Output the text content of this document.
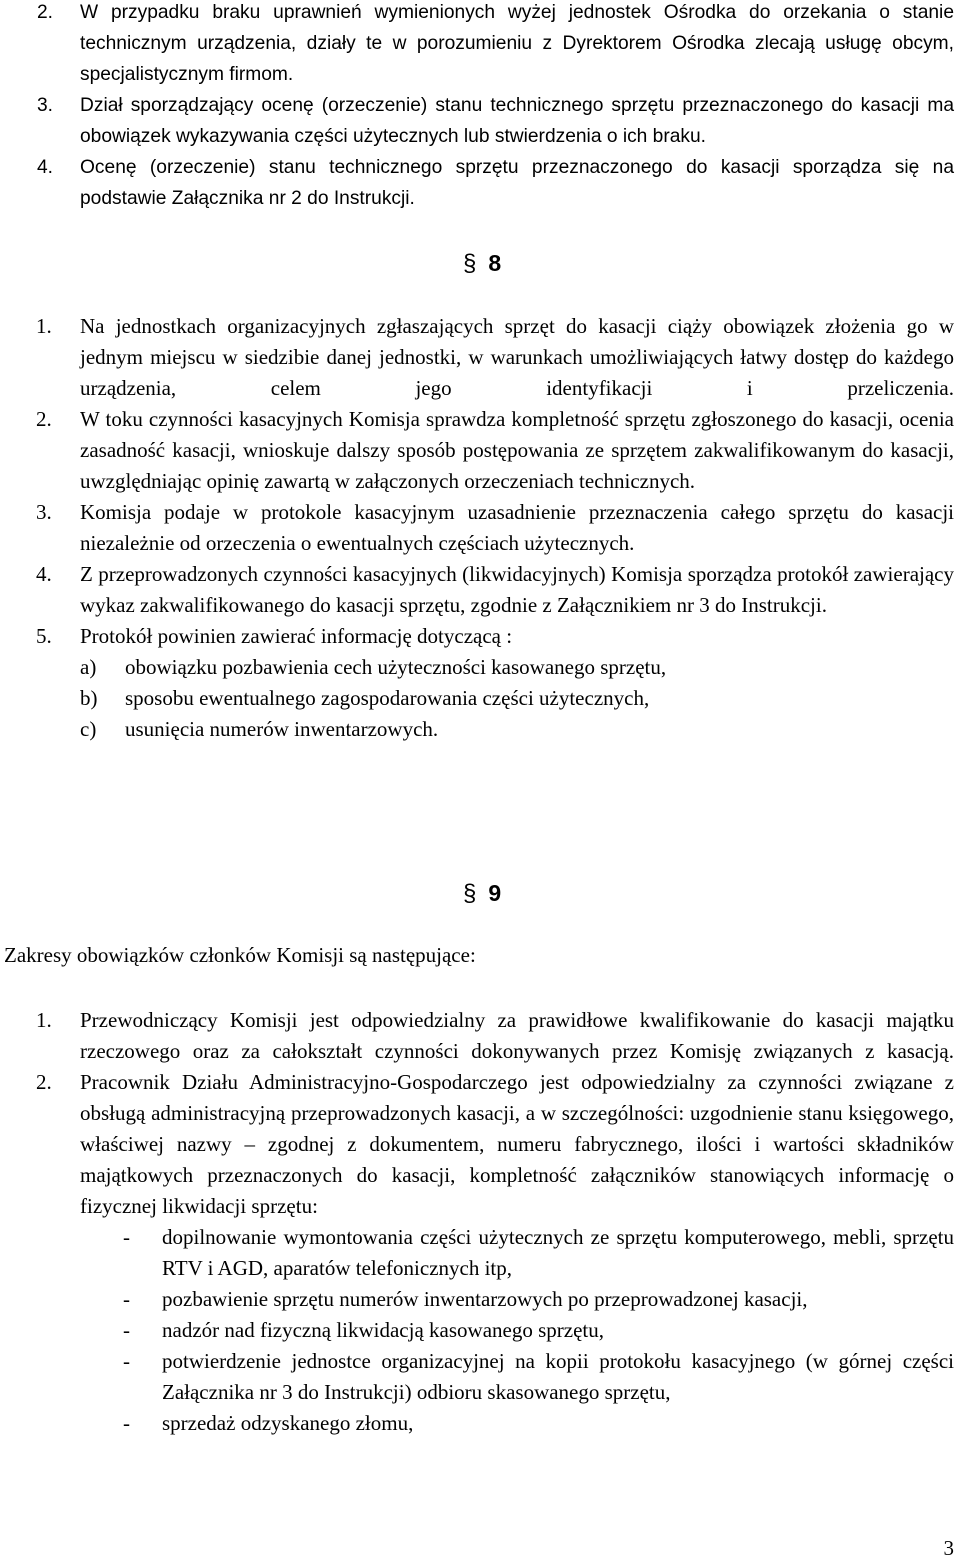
2. W przypadku braku uprawnień wymienionych wyżej jednostek Ośrodka do orzekania o stanie technicznym urządzenia, działy te w porozumieniu z Dyrektorem Ośrodka zlecają usługę obcym, specjalistycznym firmom.
3. Dział sporządzający ocenę (orzeczenie) stanu technicznego sprzętu przeznaczonego do kasacji ma obowiązek wykazywania części użytecznych lub stwierdzenia o ich braku.
4. Ocenę (orzeczenie) stanu technicznego sprzętu przeznaczonego do kasacji sporządza się na podstawie Załącznika nr 2 do Instrukcji.
§ 8
1. Na jednostkach organizacyjnych zgłaszających sprzęt do kasacji ciąży obowiązek złożenia go w jednym miejscu w siedzibie danej jednostki, w warunkach umożliwiających łatwy dostęp do każdego urządzenia, celem jego identyfikacji i przeliczenia.
2. W toku czynności kasacyjnych Komisja sprawdza kompletność sprzętu zgłoszonego do kasacji, ocenia zasadność kasacji, wnioskuje dalszy sposób postępowania ze sprzętem zakwalifikowanym do kasacji, uwzględniając opinię zawartą w załączonych orzeczeniach technicznych.
3. Komisja podaje w protokole kasacyjnym uzasadnienie przeznaczenia całego sprzętu do kasacji niezależnie od orzeczenia o ewentualnych częściach użytecznych.
4. Z przeprowadzonych czynności kasacyjnych (likwidacyjnych) Komisja sporządza protokół zawierający wykaz zakwalifikowanego do kasacji sprzętu, zgodnie z Załącznikiem nr 3 do Instrukcji.
5. Protokół powinien zawierać informację dotyczącą :
a) obowiązku pozbawienia cech użyteczności kasowanego sprzętu,
b) sposobu ewentualnego zagospodarowania części użytecznych,
c) usunięcia numerów inwentarzowych.
§ 9
Zakresy obowiązków członków Komisji są następujące:
1. Przewodniczący Komisji jest odpowiedzialny za prawidłowe kwalifikowanie do kasacji majątku rzeczowego oraz za całokształt czynności dokonywanych przez Komisję związanych z kasacją.
2. Pracownik Działu Administracyjno-Gospodarczego jest odpowiedzialny za czynności związane z obsługą administracyjną przeprowadzonych kasacji, a w szczególności: uzgodnienie stanu księgowego, właściwej nazwy – zgodnej z dokumentem, numeru fabrycznego, ilości i wartości składników majątkowych przeznaczonych do kasacji, kompletność załączników stanowiących informację o fizycznej likwidacji sprzętu:
- dopilnowanie wymontowania części użytecznych ze sprzętu komputerowego, mebli, sprzętu RTV i AGD, aparatów telefonicznych itp,
- pozbawienie sprzętu numerów inwentarzowych po przeprowadzonej kasacji,
- nadzór nad fizyczną likwidacją kasowanego sprzętu,
- potwierdzenie jednostce organizacyjnej na kopii protokołu kasacyjnego (w górnej części Załącznika nr 3 do Instrukcji) odbioru skasowanego sprzętu,
- sprzedaż odzyskanego złomu,
3
